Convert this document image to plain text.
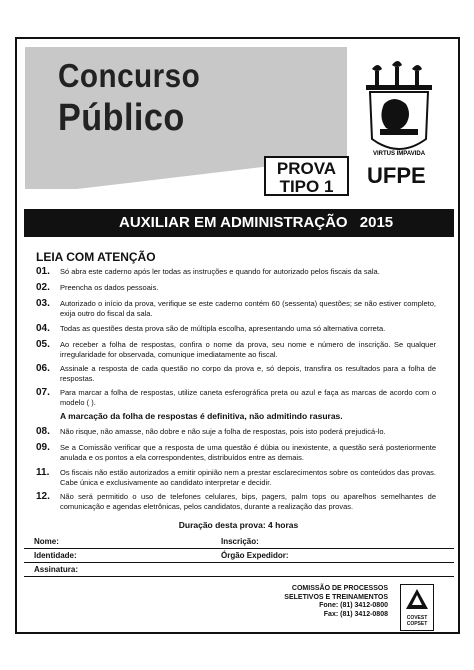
Concurso
Público
PROVA
TIPO 1
VIRTUS IMPAVIDA
UFPE
AUXILIAR EM ADMINISTRAÇÃO 2015
LEIA COM ATENÇÃO
01.	Só abra este caderno após ler todas as instruções e quando for autorizado pelos fiscais da sala.
02.	Preencha os dados pessoais.
03.	Autorizado o início da prova, verifique se este caderno contém 60 (sessenta) questões; se não estiver completo, exija outro do fiscal da sala.
04.	Todas as questões desta prova são de múltipla escolha, apresentando uma só alternativa correta.
05.	Ao receber a folha de respostas, confira o nome da prova, seu nome e número de inscrição. Se qualquer irregularidade for observada, comunique imediatamente ao fiscal.
06.	Assinale a resposta de cada questão no corpo da prova e, só depois, transfira os resultados para a folha de respostas.
07.	Para marcar a folha de respostas, utilize caneta esferográfica preta ou azul e faça as marcas de acordo com o modelo ( ).
A marcação da folha de respostas é definitiva, não admitindo rasuras.
08.	Não risque, não amasse, não dobre e não suje a folha de respostas, pois isto poderá prejudicá-lo.
09.	Se a Comissão verificar que a resposta de uma questão é dúbia ou inexistente, a questão será posteriormente anulada e os pontos a ela correspondentes, distribuídos entre as demais.
11.	Os fiscais não estão autorizados a emitir opinião nem a prestar esclarecimentos sobre os conteúdos das provas. Cabe única e exclusivamente ao candidato interpretar e decidir.
12.	Não será permitido o uso de telefones celulares, bips, pagers, palm tops ou aparelhos semelhantes de comunicação e agendas eletrônicas, pelos candidatos, durante a realização das provas.
Duração desta prova: 4 horas
Nome:	Inscrição:
Identidade:	Órgão Expedidor:
Assinatura:
COMISSÃO DE PROCESSOS
SELETIVOS E TREINAMENTOS
Fone: (81) 3412-0800
Fax: (81) 3412-0808
COVEST
COPSET
